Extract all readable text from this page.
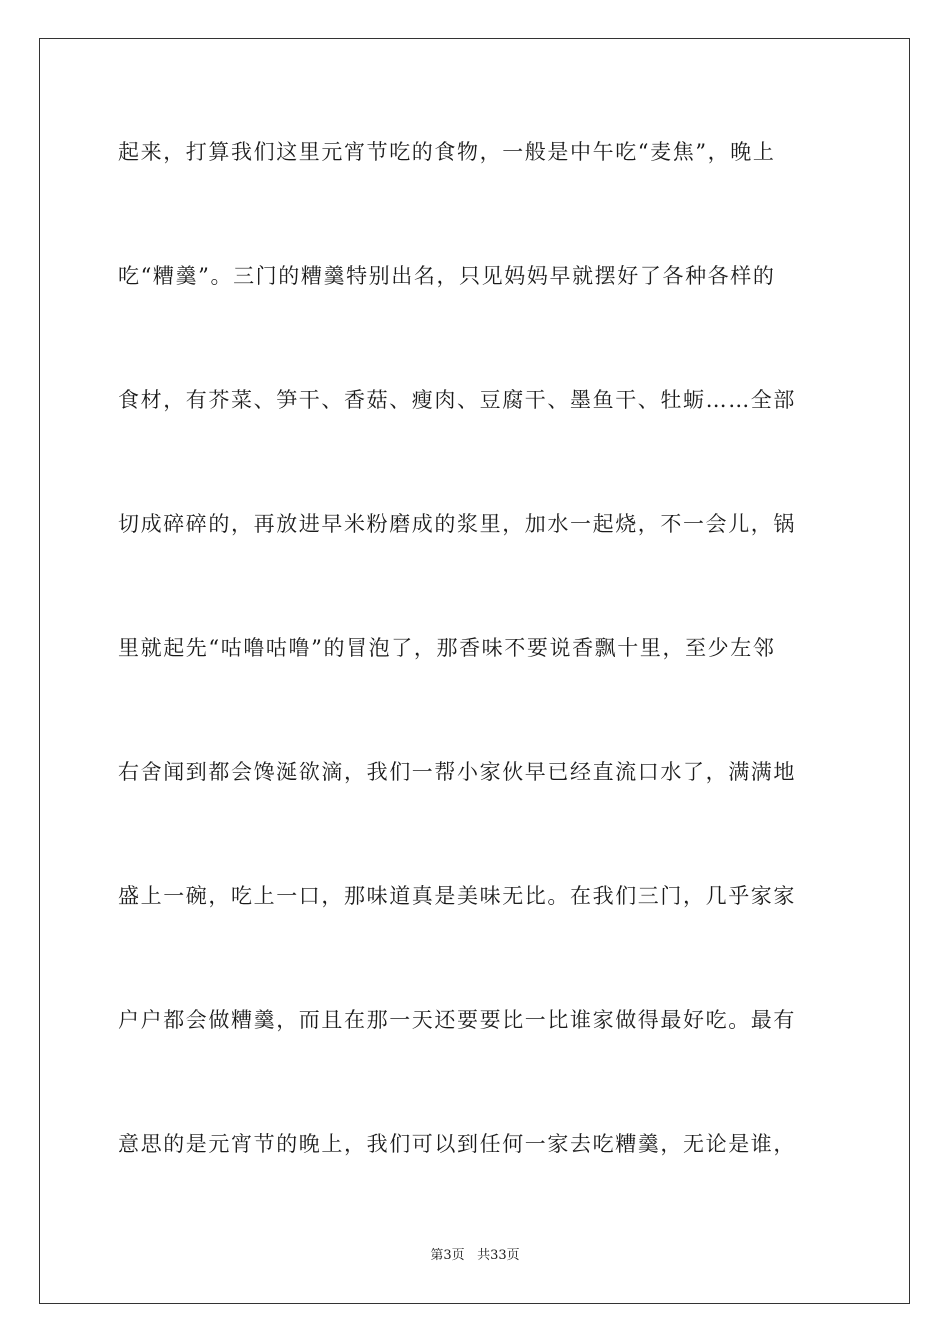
起来，打算我们这里元宵节吃的食物，一般是中午吃“麦焦”，晚上
吃“糟羹”。三门的糟羹特别出名，只见妈妈早就摆好了各种各样的
食材，有芥菜、笋干、香菇、瘦肉、豆腐干、墨鱼干、牡蛎……全部
切成碎碎的，再放进早米粉磨成的浆里，加水一起烧，不一会儿，锅
里就起先“咕噜咕噜”的冒泡了，那香味不要说香飘十里，至少左邻
右舍闻到都会馋涎欲滴，我们一帮小家伙早已经直流口水了，满满地
盛上一碗，吃上一口，那味道真是美味无比。在我们三门，几乎家家
户户都会做糟羹，而且在那一天还要要比一比谁家做得最好吃。最有
意思的是元宵节的晚上，我们可以到任何一家去吃糟羹，无论是谁，
第3页 共33页
